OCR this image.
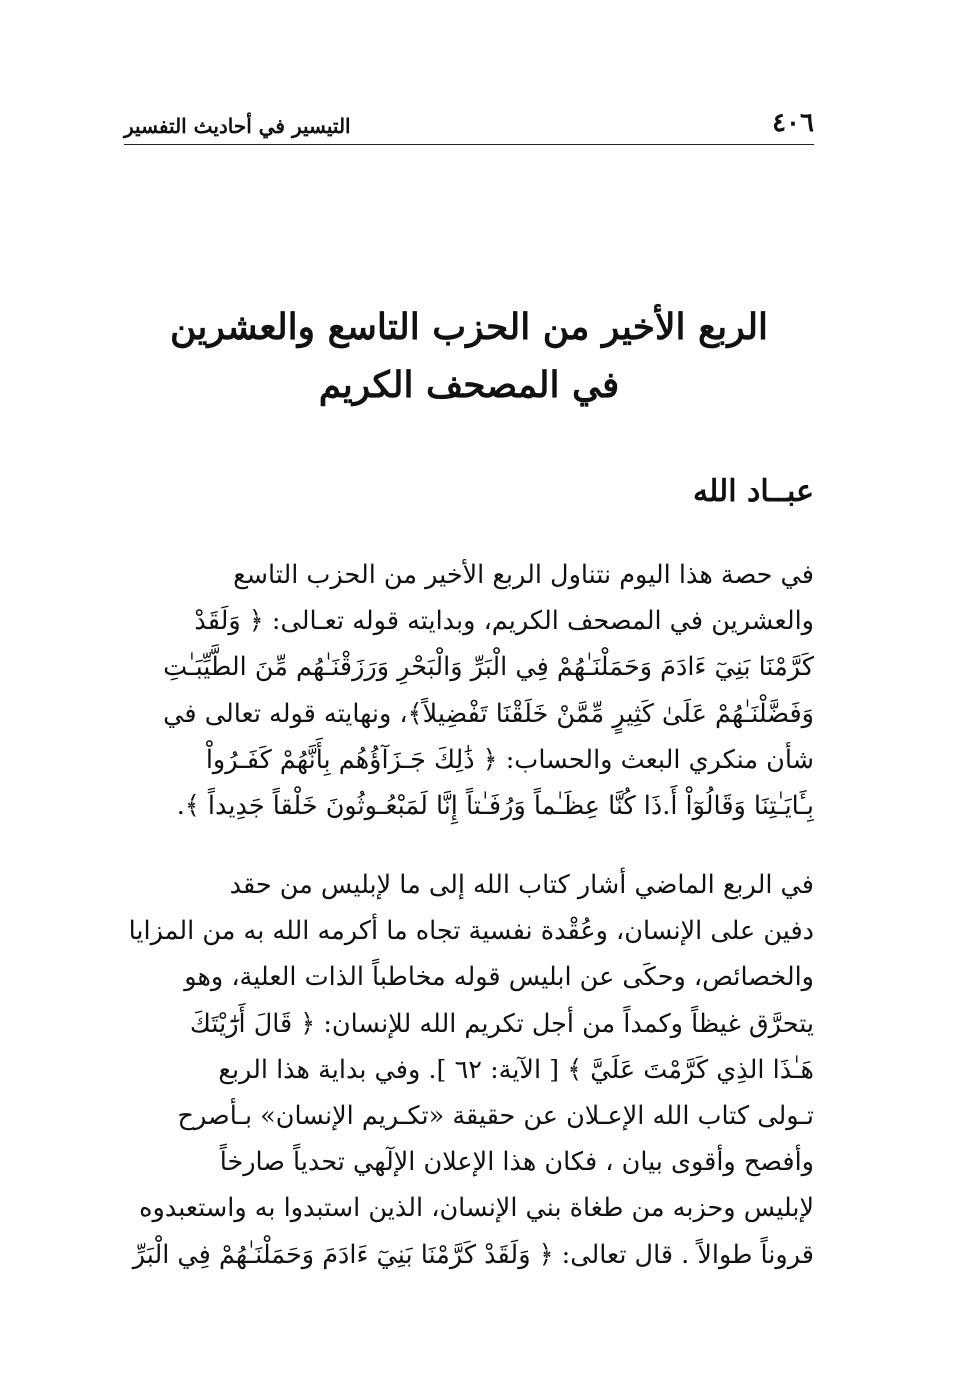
٤٠٦
التيسير في أحاديث التفسير
الربع الأخير من الحزب التاسع والعشرين
في المصحف الكريم
عبــاد الله
في حصة هذا اليوم نتناول الربع الأخير من الحزب التاسع
والعشرين في المصحف الكريم، وبدايته قوله تعـالى: ﴿ وَلَقَدْ
كَرَّمْنَا بَنِيٓ ءَادَمَ وَحَمَلْنَـٰهُمْ فِي الْبَرِّ وَالْبَحْرِ وَرَزَقْنَـٰهُم مِّنَ الطَّيِّبَـٰتِ
وَفَضَّلْنَـٰهُمْ عَلَىٰ كَثِيرٍ مِّمَّنْ خَلَقْنَا تَفْضِيلاً﴾، ونهايته قوله تعالى في
شأن منكري البعث والحساب: ﴿ ذَٰلِكَ جَـزَآؤُهُم بِأَنَّهُمْ كَفَـرُواْ
بِـَٔايَـٰتِنَا وَقَالُوٓاْ أَ.ذَا كُنَّا عِظَـٰماً وَرُفَـٰتاً إِنَّا لَمَبْعُـوثُونَ خَلْقاً جَدِيداً ﴾.
في الربع الماضي أشار كتاب الله إلى ما لإبليس من حقد
دفين على الإنسان، وعُقْدة نفسية تجاه ما أكرمه الله به من المزايا
والخصائص، وحكَى عن ابليس قوله مخاطباً الذات العلية، وهو
يتحرَّق غيظاً وكمداً من أجل تكريم الله للإنسان: ﴿ قَالَ أَرَٰٓيْتَكَ
هَـٰذَا الذِي كَرَّمْتَ عَلَيَّ ﴾ [ الآية: ٦٢ ]. وفي بداية هذا الربع
تـولى كتاب الله الإعـلان عن حقيقة «تكـريم الإنسان» بـأصرح
وأفصح وأقوى بيان ، فكان هذا الإعلان الإلٓهي تحدياً صارخاً
لإبليس وحزبه من طغاة بني الإنسان، الذين استبدوا به واستعبدوه
قروناً طوالاً . قال تعالى: ﴿ وَلَقَدْ كَرَّمْنَا بَنِيٓ ءَادَمَ وَحَمَلْنَـٰهُمْ فِي الْبَرِّ
